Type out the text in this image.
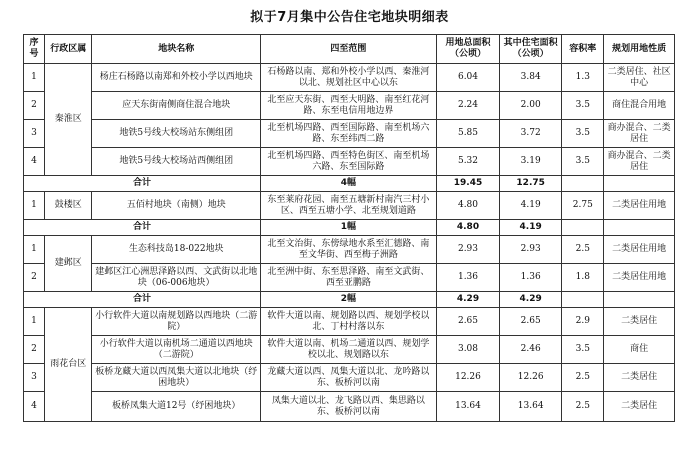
拟于7月集中公告住宅地块明细表
序号	行政区属	地块名称	四至范围	用地总面积（公顷）	其中住宅面积（公顷）	容积率	规划用地性质
1	秦淮区	杨庄石杨路以南郑和外校小学以西地块	石杨路以南、郑和外校小学以西、秦淮河以北、规划社区中心以东	6.04	3.84	1.3	二类居住、社区中心
2		应天东街南侧商住混合地块	北至应天东街、西至大明路、南至红花河路、东至电信用地边界	2.24	2.00	3.5	商住混合用地
3		地铁5号线大校场站东侧组团	北至机场四路、西至国际路、南至机场六路、东至纬西二路	5.85	3.72	3.5	商办混合、二类居住
4		地铁5号线大校场站西侧组团	北至机场四路、西至特色街区、南至机场六路、东至国际路	5.32	3.19	3.5	商办混合、二类居住
合计			4幅	19.45	12.75		
1	鼓楼区	五佰村地块（南侧）地块	东至莱府花园、南至五塘新村南汽三村小区、西至五塘小学、北至规划道路	4.80	4.19	2.75	二类居住用地
合计			1幅	4.80	4.19		
1	建邺区	生态科技岛18-022地块	北至文治街、东傍绿地水系至汇德路、南至文华街、西至梅子洲路	2.93	2.93	2.5	二类居住用地
2		建邺区江心洲思泽路以西、文武街以北地块（06-006地块）	北至洲中街、东至思泽路、南至文武街、西至亚鹏路	1.36	1.36	1.8	二类居住用地
合计			2幅	4.29	4.29		
1	雨花台区	小行软件大道以南规划路以西地块（二游院）	软件大道以南、规划路以西、规划学校以北、丁村村落以东	2.65	2.65	2.9	二类居住
2		小行软件大道以南机场二通道以西地块（二游院）	软件大道以南、机场二通道以西、规划学校以北、规划路以东	3.08	2.46	3.5	商住
3		板桥龙藏大道以西凤集大道以北地块（纾困地块）	龙藏大道以西、凤集大道以北、龙吟路以东、板桥河以南	12.26	12.26	2.5	二类居住
4		板桥凤集大道12号（纾困地块）	凤集大道以北、龙飞路以西、集思路以东、板桥河以南	13.64	13.64	2.5	二类居住
